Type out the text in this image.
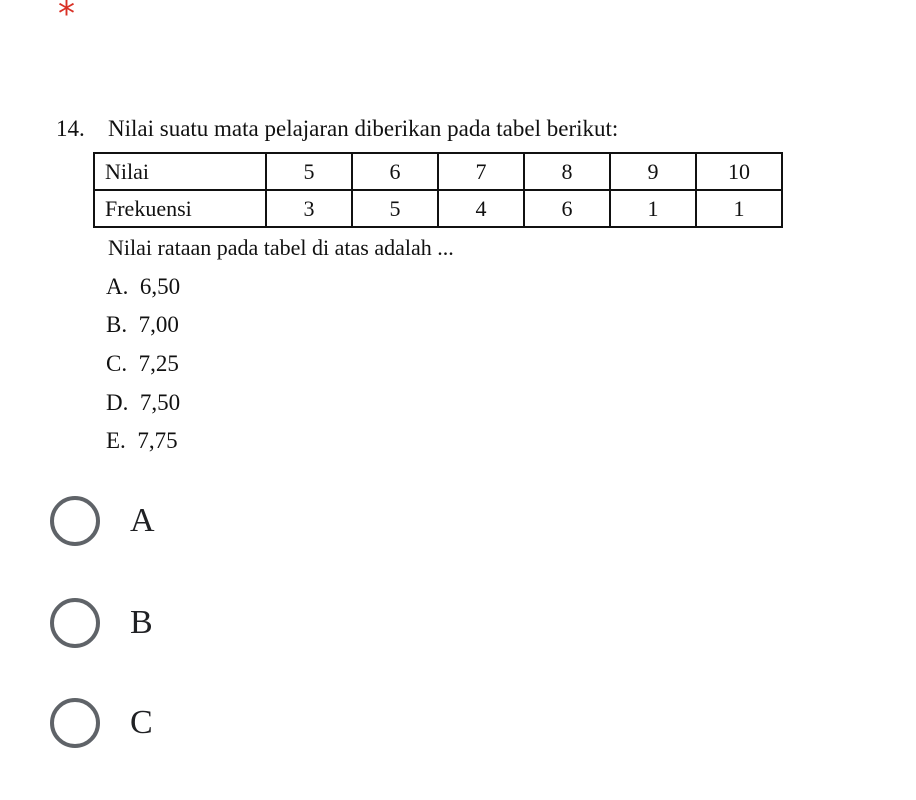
*
14. Nilai suatu mata pelajaran diberikan pada tabel berikut:
Nilai	5	6	7	8	9	10
Frekuensi	3	5	4	6	1	1
Nilai rataan pada tabel di atas adalah ...
A. 6,50
B. 7,00
C. 7,25
D. 7,50
E. 7,75
A
B
C
